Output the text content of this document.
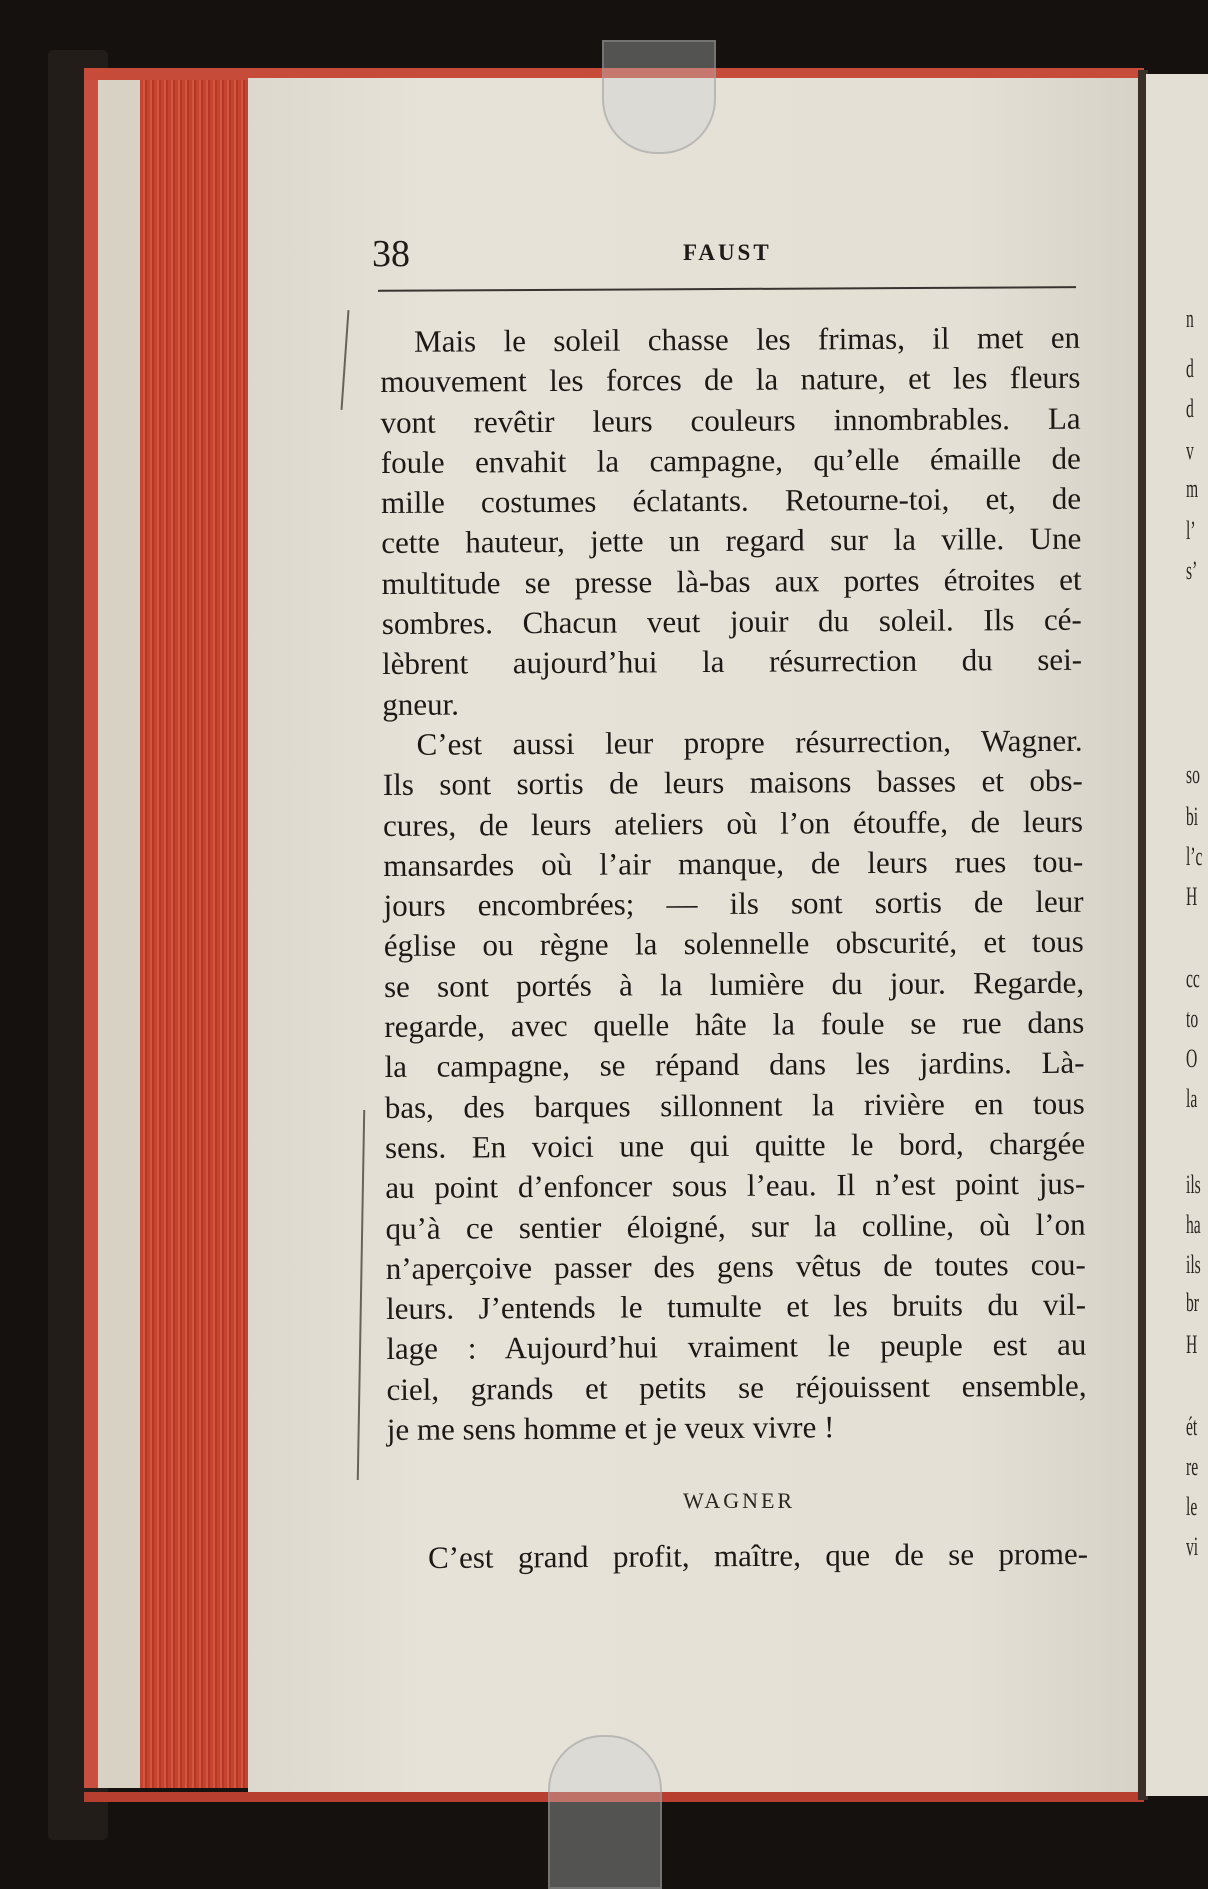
n
d
d
v
m
l’
s’
so
bi
l’c
H
cc
to
O
la
ils
ha
ils
br
H
ét
re
le
vi
38	FAUST
Mais le soleil chasse les frimas, il met en
mouvement les forces de la nature, et les fleurs
vont revêtir leurs couleurs innombrables. La
foule envahit la campagne, qu’elle émaille de
mille costumes éclatants. Retourne-toi, et, de
cette hauteur, jette un regard sur la ville. Une
multitude se presse là-bas aux portes étroites et
sombres. Chacun veut jouir du soleil. Ils cé-
lèbrent aujourd’hui la résurrection du sei-
gneur.
C’est aussi leur propre résurrection, Wagner.
Ils sont sortis de leurs maisons basses et obs-
cures, de leurs ateliers où l’on étouffe, de leurs
mansardes où l’air manque, de leurs rues tou-
jours encombrées; — ils sont sortis de leur
église ou règne la solennelle obscurité, et tous
se sont portés à la lumière du jour. Regarde,
regarde, avec quelle hâte la foule se rue dans
la campagne, se répand dans les jardins. Là-
bas, des barques sillonnent la rivière en tous
sens. En voici une qui quitte le bord, chargée
au point d’enfoncer sous l’eau. Il n’est point jus-
qu’à ce sentier éloigné, sur la colline, où l’on
n’aperçoive passer des gens vêtus de toutes cou-
leurs. J’entends le tumulte et les bruits du vil-
lage : Aujourd’hui vraiment le peuple est au
ciel, grands et petits se réjouissent ensemble,
je me sens homme et je veux vivre !
WAGNER
C’est grand profit, maître, que de se prome-
